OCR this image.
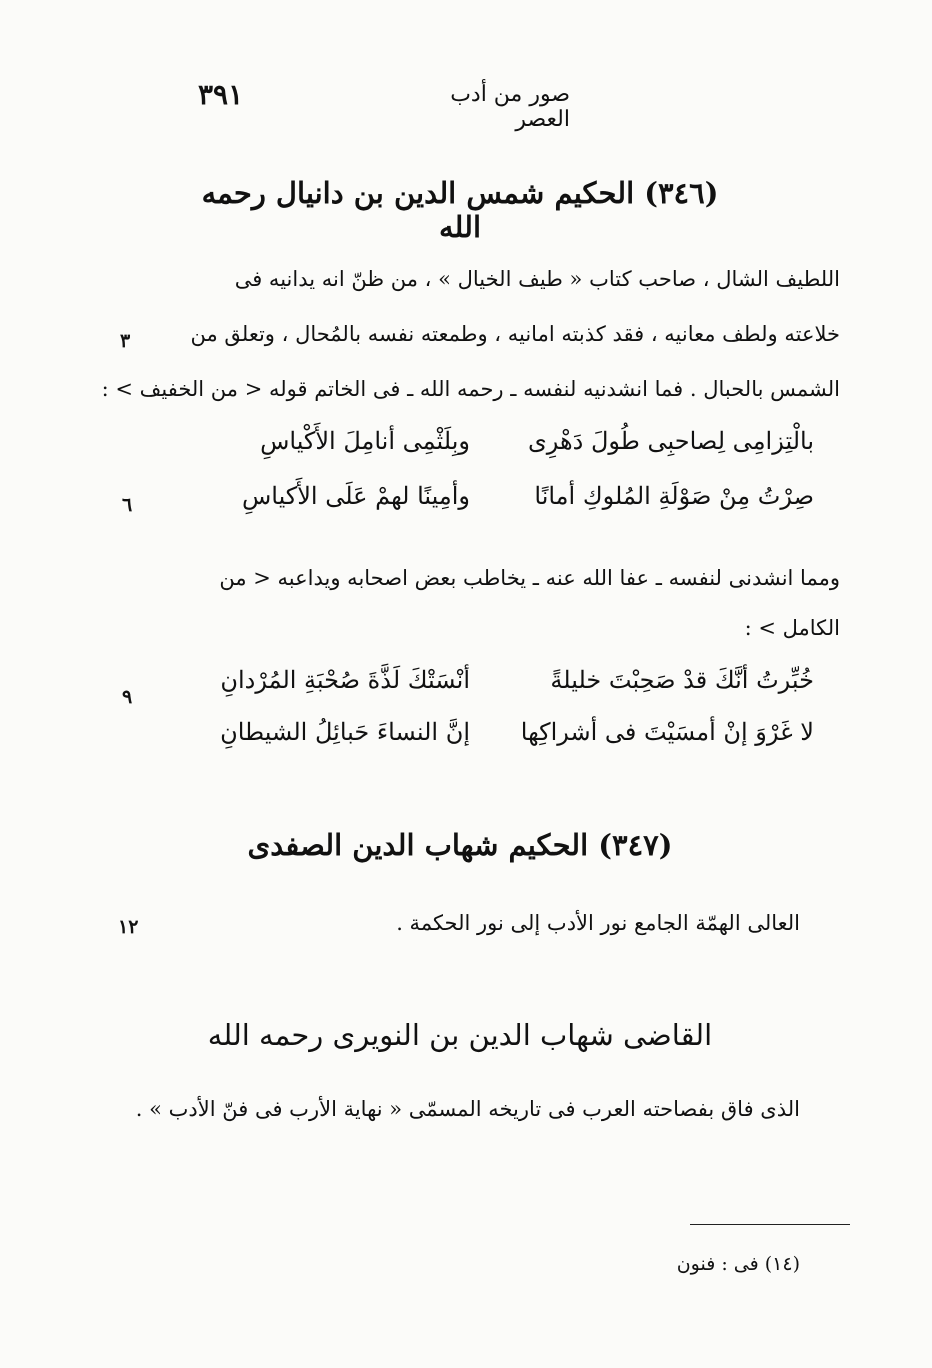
٣٩١	صور من أدب العصر
(٣٤٦) الحكيم شمس الدين بن دانيال رحمه الله
اللطيف الشال ، صاحب كتاب « طيف الخيال » ، من ظنّ انه يدانيه فى
خلاعته ولطف معانيه ، فقد كذبته امانيه ، وطمعته نفسه بالمُحال ، وتعلق من
الشمس بالحبال . فما انشدنيه لنفسه ـ رحمه الله ـ فى الخاتم قوله < من الخفيف > :
بالْتِزامِى لِصاحبِى طُولَ دَهْرِى
وبِلَثْمِى أنامِلَ الأَكْياسِ
صِرْتُ مِنْ صَوْلَةِ المُلوكِ أمانًا
وأمِينًا لهمْ عَلَى الأَكياسِ
ومما انشدنى لنفسه ـ عفا الله عنه ـ يخاطب بعض اصحابه ويداعبه < من
الكامل > :
خُبِّرتُ أنَّكَ قدْ صَحِبْتَ خليلةً
أنْسَتْكَ لَذَّةَ صُحْبَةِ المُرْدانِ
لا غَرْوَ إنْ أمسَيْتَ فى أشراكِها
إنَّ النساءَ حَبائِلُ الشيطانِ
(٣٤٧) الحكيم شهاب الدين الصفدى
العالى الهمّة الجامع نور الأدب إلى نور الحكمة .
القاضى شهاب الدين بن النويرى رحمه الله
الذى فاق بفصاحته العرب فى تاريخه المسمّى « نهاية الأرب فى فنّ الأدب » .
٣
٦
٩
١٢
(١٤) فى : فنون
